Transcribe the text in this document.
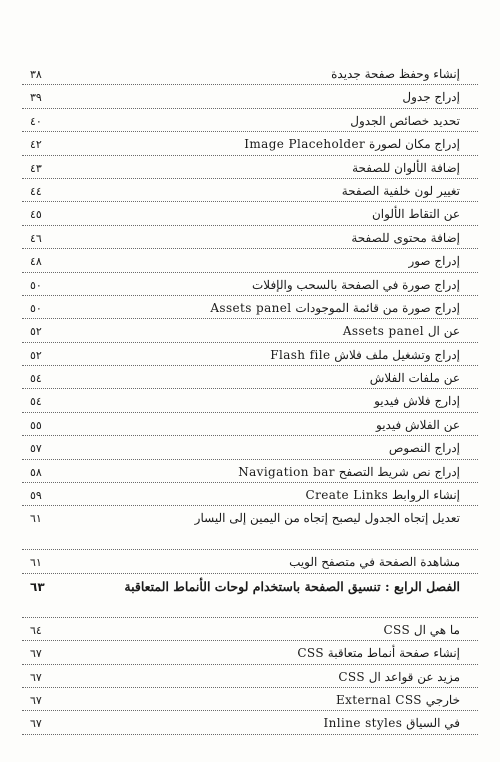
إنشاء وحفظ صفحة جديدة
٣٨
إدراج جدول
٣٩
تحديد خصائص الجدول
٤٠
إدراج مكان لصورة Image Placeholder
٤٢
إضافة الألوان للصفحة
٤٣
تغيير لون خلفية الصفحة
٤٤
عن التقاط الألوان
٤٥
إضافة محتوى للصفحة
٤٦
إدراج صور
٤٨
إدراج صورة في الصفحة بالسحب والإفلات
٥٠
إدراج صورة من قائمة الموجودات Assets panel
٥٠
عن ال Assets panel
٥٢
إدراج وتشغيل ملف فلاش Flash file
٥٢
عن ملفات الفلاش
٥٤
إدارج فلاش فيديو
٥٤
عن الفلاش فيديو
٥٥
إدراج النصوص
٥٧
إدراج نص شريط التصفح Navigation bar
٥٨
إنشاء الروابط Create Links
٥٩
تعديل إتجاه الجدول ليصبح إتجاه من اليمين إلى اليسار
٦١
مشاهدة الصفحة في متصفح الويب
٦١
الفصل الرابع : تنسيق الصفحة باستخدام لوحات الأنماط المتعاقبة
٦٣
ما هي ال CSS
٦٤
إنشاء صفحة أنماط متعاقبة CSS
٦٧
مزيد عن قواعد ال CSS
٦٧
خارجي External CSS
٦٧
في السياق Inline styles
٦٧
